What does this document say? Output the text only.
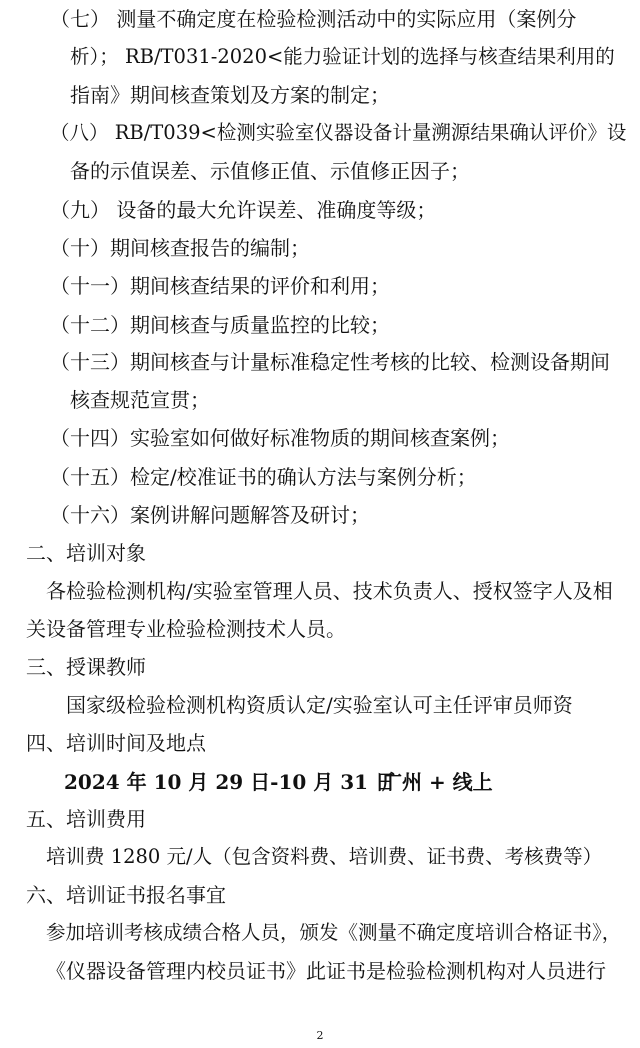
（七） 测量不确定度在检验检测活动中的实际应用（案例分
析）； RB/T031-2020<能力验证计划的选择与核查结果利用的
指南》期间核查策划及方案的制定；
（八） RB/T039<检测实验室仪器设备计量溯源结果确认评价》设
备的示值误差、示值修正值、示值修正因子；
（九） 设备的最大允许误差、准确度等级；
（十）期间核查报告的编制；
（十一）期间核查结果的评价和利用；
（十二）期间核查与质量监控的比较；
（十三）期间核查与计量标准稳定性考核的比较、检测设备期间
核查规范宣贯；
（十四）实验室如何做好标准物质的期间核查案例；
（十五）检定/校准证书的确认方法与案例分析；
（十六）案例讲解问题解答及研讨；
二、培训对象
各检验检测机构/实验室管理人员、技术负责人、授权签字人及相
关设备管理专业检验检测技术人员。
三、授课教师
国家级检验检测机构资质认定/实验室认可主任评审员师资
四、培训时间及地点
2024 年 10 月 29 日-10 月 31 日
广州 + 线上
五、培训费用
培训费 1280 元/人（包含资料费、培训费、证书费、考核费等）
六、培训证书报名事宜
参加培训考核成绩合格人员，颁发《测量不确定度培训合格证书》，
《仪器设备管理内校员证书》此证书是检验检测机构对人员进行
2
